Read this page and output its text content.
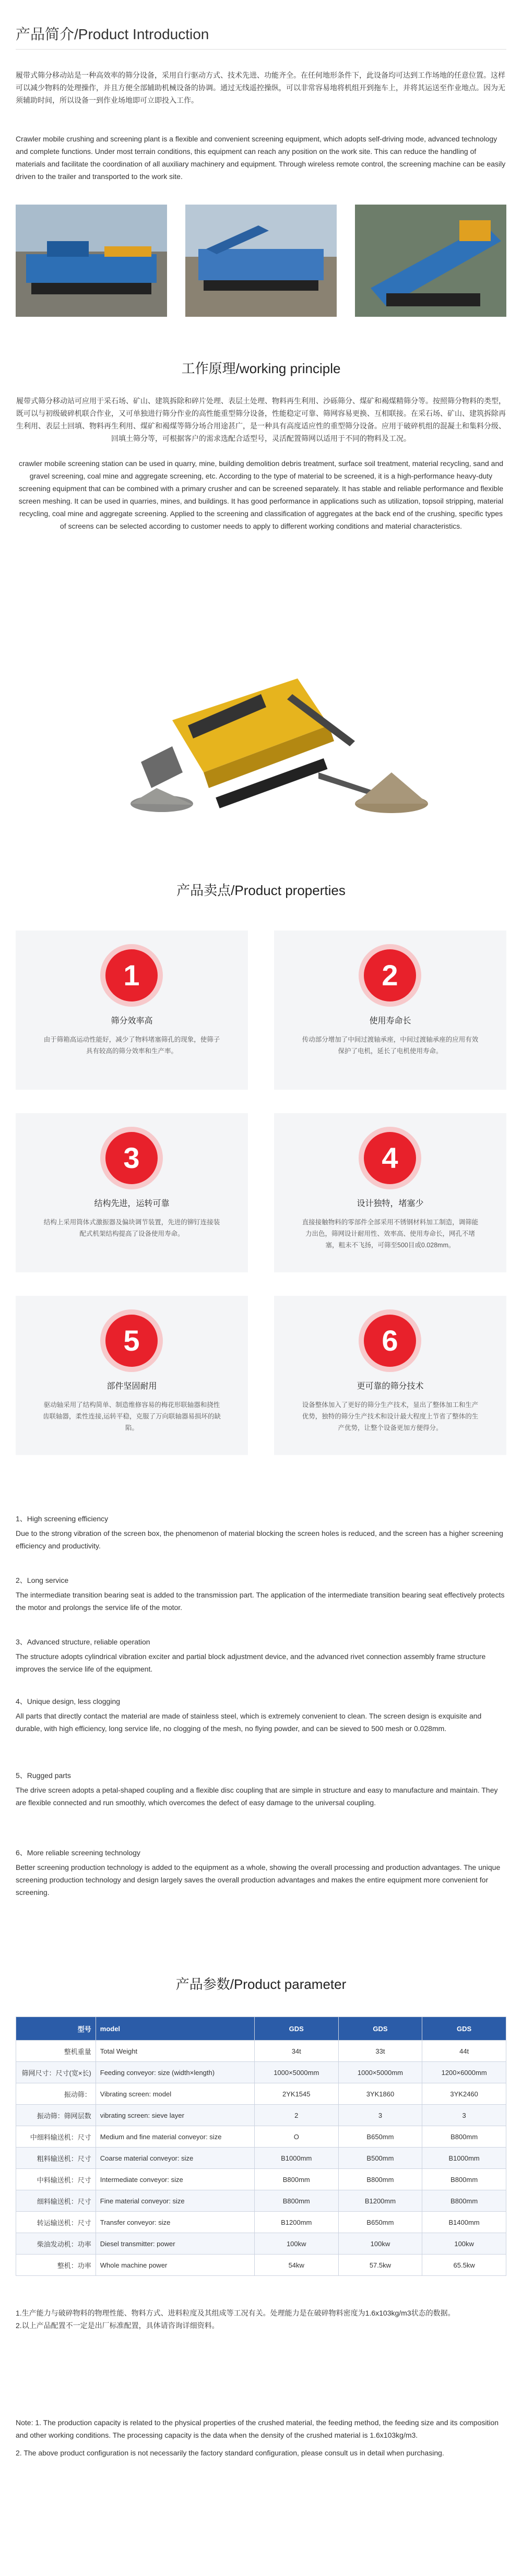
产品简介/Product Introduction

履带式筛分移动站是一种高效率的筛分设备，采用自行驱动方式、技术先进、功能齐全。在任何地形条件下，此设备均可达到工作场地的任意位置。这样可以减少物料的处理操作，并且方便全部辅助机械设备的协调。通过无线遥控操纵，可以非常容易地将机组开到拖车上，并将其运送至作业地点。因为无须辅助时间，所以设备一到作业场地即可立即投入工作。

Crawler mobile crushing and screening plant is a flexible and convenient screening equipment, which adopts self-driving mode, advanced technology and complete functions. Under most terrain conditions, this equipment can reach any position on the work site. This can reduce the handling of materials and facilitate the coordination of all auxiliary machinery and equipment. Through wireless remote control, the screening machine can be easily driven to the trailer and transported to the work site.

工作原理/working principle

履带式筛分移动站可应用于采石场、矿山、建筑拆除和碎片处理、表层土处理、物料再生利用、沙砾筛分、煤矿和褐煤精筛分等。按照筛分物料的类型，既可以与初级破碎机联合作业，又可单独进行筛分作业的高性能重型筛分设备，性能稳定可靠、筛网容易更换、互相联接。在采石场、矿山、建筑拆除再生利用、表层土回填、物料再生利用、煤矿和褐煤等筛分场合用途甚广，是一种具有高度适应性的重型筛分设备。应用于破碎机组的混凝土和集料分级、回填土筛分等，可根据客户的需求选配合适型号，灵活配置筛网以适用于不同的物料及工况。

crawler mobile screening station can be used in quarry, mine, building demolition debris treatment, surface soil treatment, material recycling, sand and gravel screening, coal mine and aggregate screening, etc. According to the type of material to be screened, it is a high-performance heavy-duty screening equipment that can be combined with a primary crusher and can be screened separately. It has stable and reliable performance and flexible screen meshing. It can be used in quarries, mines, and buildings. It has good performance in applications such as utilization, topsoil stripping, material recycling, coal mine and aggregate screening. Applied to the screening and classification of aggregates at the back end of the crushing, specific types of screens can be selected according to customer needs to apply to different working conditions and material characteristics.

产品卖点/Product properties
1
筛分效率高
由于筛箱高运动性能好，减少了物料堵塞筛孔的现象，使筛子具有较高的筛分效率和生产率。
2
使用寿命长
传动部分增加了中间过渡轴承座，中间过渡轴承座的应用有效保护了电机，延长了电机使用寿命。
3
结构先进，运转可靠
结构上采用筒体式激振器及偏块调节装置，先进的铆钉连接装配式机架结构提高了设备使用寿命。
4
设计独特，堵塞少
直接接触物料的零部件全部采用不锈钢材料加工制造，调筛能力出色，筛网设计耐用性、效率高、使用寿命长，网孔不堵塞，粗未不飞扬，可筛至500目或0.028mm。
5
部件坚固耐用
驱动轴采用了结构简单、制造维修容易的梅花形联轴器和挠性齿联轴器，柔性连接,运转平稳，克服了万向联轴器易损坏的缺陷。
6
更可靠的筛分技术
设备整体加入了更好的筛分生产技术，显出了整体加工和生产优势，独特的筛分生产技术和设计最大程度上节省了整体的生产优势，让整个设备更加方便得分。
1、High screening efficiency
Due to the strong vibration of the screen box, the phenomenon of material blocking the screen holes is reduced, and the screen has a higher screening efficiency and productivity.
2、Long service
The intermediate transition bearing seat is added to the transmission part. The application of the intermediate transition bearing seat effectively protects the motor and prolongs the service life of the motor.
3、Advanced structure, reliable operation
The structure adopts cylindrical vibration exciter and partial block adjustment device, and the advanced rivet connection assembly frame structure improves the service life of the equipment.
4、Unique design, less clogging
All parts that directly contact the material are made of stainless steel, which is extremely convenient to clean. The screen design is exquisite and durable, with high efficiency, long service life, no clogging of the mesh, no flying powder, and can be sieved to 500 mesh or 0.028mm.
5、Rugged parts
The drive screen adopts a petal-shaped coupling and a flexible disc coupling that are simple in structure and easy to manufacture and maintain. They are flexible connected and run smoothly, which overcomes the defect of easy damage to the universal coupling.
6、More reliable screening technology
Better screening production technology is added to the equipment as a whole, showing the overall processing and production advantages. The unique screening production technology and design largely saves the overall production advantages and makes the entire equipment more convenient for screening.
产品参数/Product parameter
型号	model	GDS	GDS	GDS
整机重量	Total Weight	34t	33t	44t
筛网尺寸：尺寸(宽×长)	Feeding conveyor: size (width×length)	1000×5000mm	1000×5000mm	1200×6000mm
振动筛：	Vibrating screen: model	2YK1545	3YK1860	3YK2460
振动筛：筛网层数	vibrating screen: sieve layer	2	3	3
中细料输送机：尺寸	Medium and fine material conveyor: size	O	B650mm	B800mm
粗料输送机：尺寸	Coarse material conveyor: size	B1000mm	B500mm	B1000mm
中料输送机：尺寸	Intermediate conveyor: size	B800mm	B800mm	B800mm
细料输送机：尺寸	Fine material conveyor: size	B800mm	B1200mm	B800mm
转运输送机：尺寸	Transfer conveyor: size	B1200mm	B650mm	B1400mm
柴油发动机：功率	Diesel transmitter: power	100kw	100kw	100kw
整机：功率	Whole machine power	54kw	57.5kw	65.5kw
1.生产能力与破碎物料的物理性能、物料方式、进料粒度及其组成等工况有关。处理能力是在破碎物料密度为1.6x103kg/m3状态的数据。
2.以上产品配置不一定是出厂标准配置，具体请咨询详细资料。
Note: 1. The production capacity is related to the physical properties of the crushed material, the feeding method, the feeding size and its composition and other working conditions. The processing capacity is the data when the density of the crushed material is 1.6x103kg/m3.
2. The above product configuration is not necessarily the factory standard configuration, please consult us in detail when purchasing.
